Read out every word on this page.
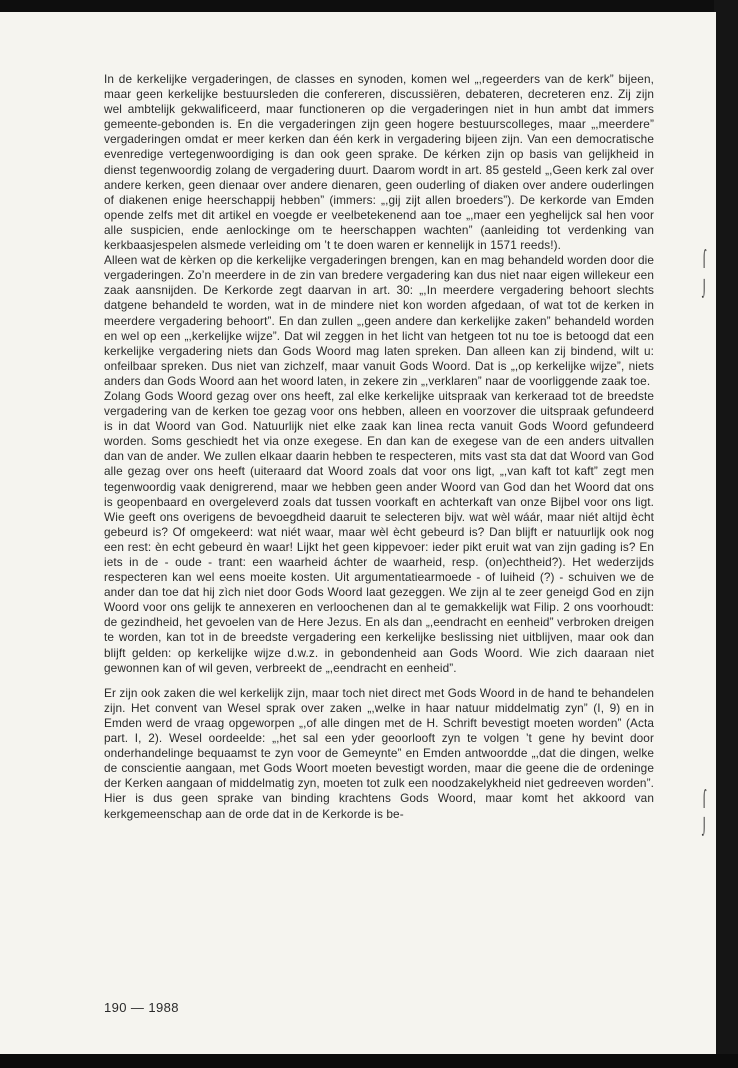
In de kerkelijke vergaderingen, de classes en synoden, komen wel „,regeerders van de kerk” bijeen, maar geen kerkelijke bestuursleden die confereren, discussiëren, debateren, decreteren enz. Zij zijn wel ambtelijk gekwalificeerd, maar functioneren op die vergaderingen niet in hun ambt dat immers gemeente-gebonden is. En die vergaderingen zijn geen hogere bestuurscolleges, maar „,meerdere” vergaderingen omdat er meer kerken dan één kerk in vergadering bijeen zijn. Van een democratische evenredige vertegenwoordiging is dan ook geen sprake. De kérken zijn op basis van gelijkheid in dienst tegenwoordig zolang de vergadering duurt. Daarom wordt in art. 85 gesteld „,Geen kerk zal over andere kerken, geen dienaar over andere dienaren, geen ouderling of diaken over andere ouderlingen of diakenen enige heerschappij hebben” (immers: „,gij zijt allen broeders”). De kerkorde van Emden opende zelfs met dit artikel en voegde er veelbetekenend aan toe „,maer een yeghelijck sal hen voor alle suspicien, ende aenlockinge om te heerschappen wachten” (aanleiding tot verdenking van kerkbaasjespelen alsmede verleiding om ’t te doen waren er kennelijk in 1571 reeds!).

Alleen wat de kèrken op die kerkelijke vergaderingen brengen, kan en mag behandeld worden door die vergaderingen. Zo’n meerdere in de zin van bredere vergadering kan dus niet naar eigen willekeur een zaak aansnijden. De Kerkorde zegt daarvan in art. 30: „,In meerdere vergadering behoort slechts datgene behandeld te worden, wat in de mindere niet kon worden afgedaan, of wat tot de kerken in meerdere vergadering behoort”. En dan zullen „,geen andere dan kerkelijke zaken” behandeld worden en wel op een „,kerkelijke wijze”. Dat wil zeggen in het licht van hetgeen tot nu toe is betoogd dat een kerkelijke vergadering niets dan Gods Woord mag laten spreken. Dan alleen kan zij bindend, wilt u: onfeilbaar spreken. Dus niet van zichzelf, maar vanuit Gods Woord. Dat is „,op kerkelijke wijze”, niets anders dan Gods Woord aan het woord laten, in zekere zin „,verklaren” naar de voorliggende zaak toe.

Zolang Gods Woord gezag over ons heeft, zal elke kerkelijke uitspraak van kerkeraad tot de breedste vergadering van de kerken toe gezag voor ons hebben, alleen en voorzover die uitspraak gefundeerd is in dat Woord van God. Natuurlijk niet elke zaak kan linea recta vanuit Gods Woord gefundeerd worden. Soms geschiedt het via onze exegese. En dan kan de exegese van de een anders uitvallen dan van de ander. We zullen elkaar daarin hebben te respecteren, mits vast sta dat dat Woord van God alle gezag over ons heeft (uiteraard dat Woord zoals dat voor ons ligt, „,van kaft tot kaft” zegt men tegenwoordig vaak denigrerend, maar we hebben geen ander Woord van God dan het Woord dat ons is geopenbaard en overgeleverd zoals dat tussen voorkaft en achterkaft van onze Bijbel voor ons ligt. Wie geeft ons overigens de bevoegdheid daaruit te selecteren bijv. wat wèl wáár, maar niét altijd ècht gebeurd is? Of omgekeerd: wat niét waar, maar wèl ècht gebeurd is? Dan blijft er natuurlijk ook nog een rest: èn echt gebeurd èn waar! Lijkt het geen kippevoer: ieder pikt eruit wat van zijn gading is? En iets in de - oude - trant: een waarheid áchter de waarheid, resp. (on)echtheid?). Het wederzijds respecteren kan wel eens moeite kosten. Uit argumentatiearmoede - of luiheid (?) - schuiven we de ander dan toe dat hĳ zìch niet door Gods Woord laat gezeggen. We zijn al te zeer geneigd God en zijn Woord voor ons gelijk te annexeren en verloochenen dan al te gemakkelijk wat Filip. 2 ons voorhoudt: de gezindheid, het gevoelen van de Here Jezus. En als dan „,eendracht en eenheid” verbroken dreigen te worden, kan tot in de breedste vergadering een kerkelijke beslissing niet uitblijven, maar ook dan blijft gelden: op kerkelijke wijze d.w.z. in gebondenheid aan Gods Woord. Wie zich daaraan niet gewonnen kan of wil geven, verbreekt de „,eendracht en eenheid”.

Er zijn ook zaken die wel kerkelijk zijn, maar toch niet direct met Gods Woord in de hand te behandelen zijn. Het convent van Wesel sprak over zaken „,welke in haar natuur middelmatig zyn” (I, 9) en in Emden werd de vraag opgeworpen „,of alle dingen met de H. Schrift bevestigt moeten worden” (Acta part. I, 2). Wesel oordeelde: „,het sal een yder geoorlooft zyn te volgen ’t gene hy bevint door onderhandelinge bequaamst te zyn voor de Gemeynte” en Emden antwoordde „,dat die dingen, welke de conscientie aangaan, met Gods Woort moeten bevestigt worden, maar die geene die de ordeninge der Kerken aangaan of middelmatig zyn, moeten tot zulk een noodzakelykheid niet gedreeven worden”. Hier is dus geen sprake van binding krachtens Gods Woord, maar komt het akkoord van kerkgemeenschap aan de orde dat in de Kerkorde is be-

190 — 1988
⌠
⌡
⌠
⌡
